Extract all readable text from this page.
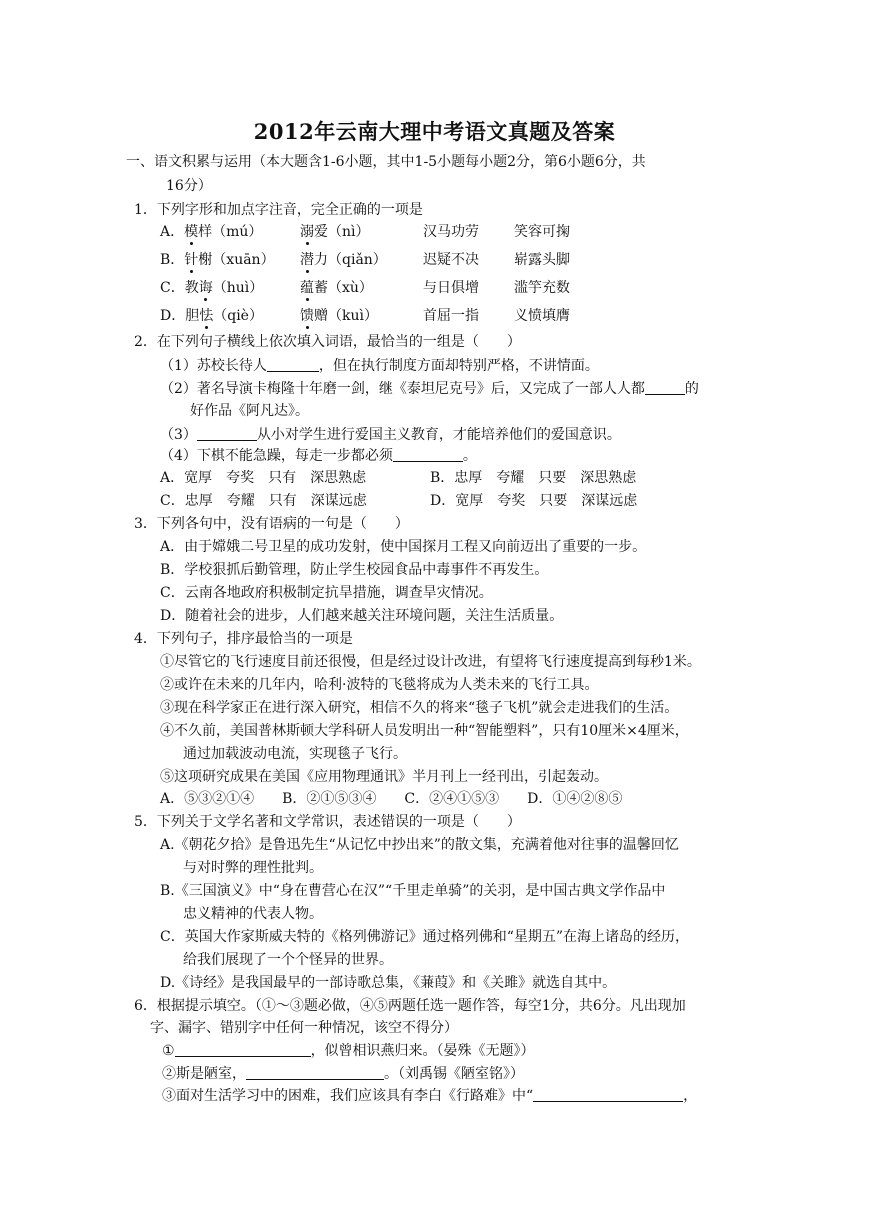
2012年云南大理中考语文真题及答案
一、语文积累与运用（本大题含1-6小题，其中1-5小题每小题2分，第6小题6分，共
16分）
1．下列字形和加点字注音，完全正确的一项是
A．模样（mú）	溺爱（nì）	汉马功劳	笑容可掬
B．针榭（xuān） 潜力（qiǎn）	迟疑不决	崭露头脚
C．教诲（huì）	蕴蓄（xù）	与日俱增	滥竽充数
D．胆怯（qiè）	馈赠（kuì）	首屈一指	义愤填膺
2．在下列句子横线上依次填入词语，最恰当的一组是（　　）
（1）苏校长待人	，但在执行制度方面却特别严格，不讲情面。
（2）著名导演卡梅隆十年磨一剑，继《泰坦尼克号》后，又完成了一部人人都	的
好作品《阿凡达》。
（3）	从小对学生进行爱国主义教育，才能培养他们的爱国意识。
（4）下棋不能急躁，每走一步都必须	。
A．宽厚　夸奖　只有　深思熟虑	B．忠厚　夸耀　只要　深思熟虑
C．忠厚　夸耀　只有　深谋远虑	D．宽厚　夸奖　只要　深谋远虑
3．下列各句中，没有语病的一句是（　　）
A．由于嫦娥二号卫星的成功发射，使中国探月工程又向前迈出了重要的一步。
B．学校狠抓后勤管理，防止学生校园食品中毒事件不再发生。
C．云南各地政府积极制定抗旱措施，调查旱灾情况。
D．随着社会的进步，人们越来越关注环境问题，关注生活质量。
4．下列句子，排序最恰当的一项是
①尽管它的飞行速度目前还很慢，但是经过设计改进，有望将飞行速度提高到每秒1米。
②或许在未来的几年内，哈利·波特的飞毯将成为人类未来的飞行工具。
③现在科学家正在进行深入研究，相信不久的将来“毯子飞机”就会走进我们的生活。
④不久前，美国普林斯顿大学科研人员发明出一种“智能塑料”，只有10厘米×4厘米，
通过加载波动电流，实现毯子飞行。
⑤这项研究成果在美国《应用物理通讯》半月刊上一经刊出，引起轰动。
A．⑤③②①④　　B．②①⑤③④　　C．②④①⑤③　　D．①④②⑧⑤
5．下列关于文学名著和文学常识，表述错误的一项是（　　）
A.《朝花夕拾》是鲁迅先生“从记忆中抄出来”的散文集，充满着他对往事的温馨回忆
与对时弊的理性批判。
B.《三国演义》中“身在曹营心在汉”“千里走单骑”的关羽，是中国古典文学作品中
忠义精神的代表人物。
C．英国大作家斯威夫特的《格列佛游记》通过格列佛和“星期五”在海上诸岛的经历，
给我们展现了一个个怪异的世界。
D.《诗经》是我国最早的一部诗歌总集，《蒹葭》和《关雎》就选自其中。
6．根据提示填空。（①～③题必做，④⑤两题任选一题作答，每空1分，共6分。凡出现加
字、漏字、错别字中任何一种情况，该空不得分）
①	，似曾相识燕归来。（晏殊《无题》）
②斯是陋室，	。（刘禹锡《陋室铭》）
③面对生活学习中的困难，我们应该具有李白《行路难》中“	，
